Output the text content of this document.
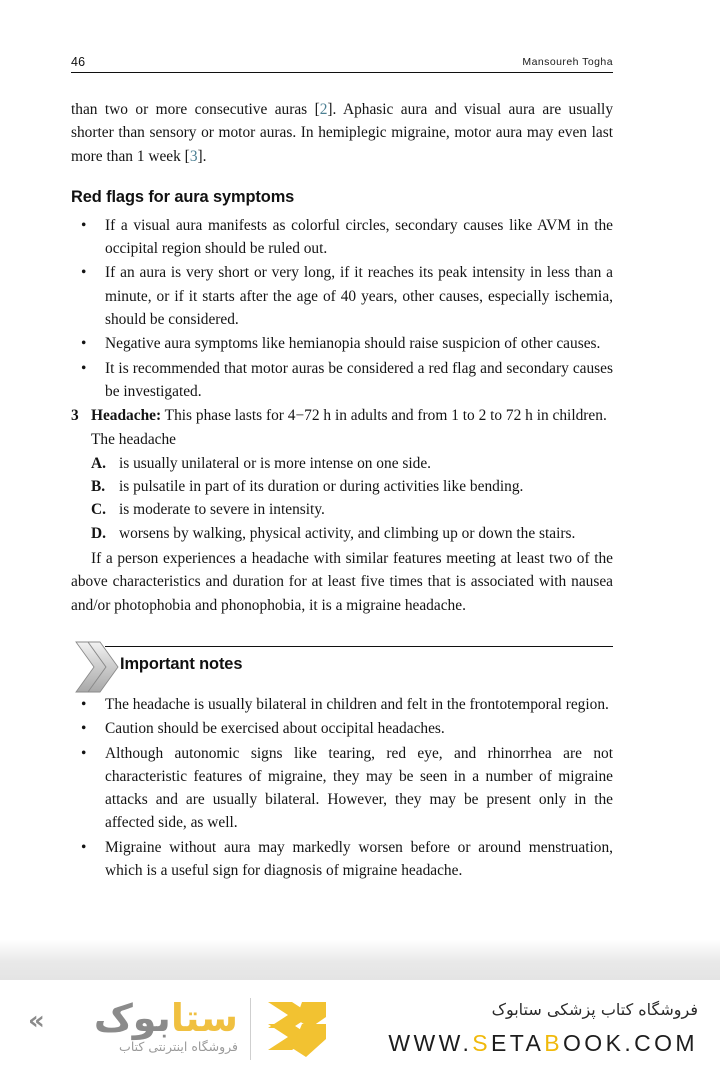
46	Mansoureh Togha

than two or more consecutive auras [2]. Aphasic aura and visual aura are usually shorter than sensory or motor auras. In hemiplegic migraine, motor aura may even last more than 1 week [3].

Red flags for aura symptoms
• If a visual aura manifests as colorful circles, secondary causes like AVM in the occipital region should be ruled out.
• If an aura is very short or very long, if it reaches its peak intensity in less than a minute, or if it starts after the age of 40 years, other causes, especially ischemia, should be considered.
• Negative aura symptoms like hemianopia should raise suspicion of other causes.
• It is recommended that motor auras be considered a red flag and secondary causes be investigated.
3 Headache: This phase lasts for 4−72 h in adults and from 1 to 2 to 72 h in children. The headache
A. is usually unilateral or is more intense on one side.
B. is pulsatile in part of its duration or during activities like bending.
C. is moderate to severe in intensity.
D. worsens by walking, physical activity, and climbing up or down the stairs.

If a person experiences a headache with similar features meeting at least two of the above characteristics and duration for at least five times that is associated with nausea and/or photophobia and phonophobia, it is a migraine headache.

Important notes
• The headache is usually bilateral in children and felt in the frontotemporal region.
• Caution should be exercised about occipital headaches.
• Although autonomic signs like tearing, red eye, and rhinorrhea are not characteristic features of migraine, they may be seen in a number of migraine attacks and are usually bilateral. However, they may be present only in the affected side, as well.
• Migraine without aura may markedly worsen before or around menstruation, which is a useful sign for diagnosis of migraine headache.
«	ستابوک
فروشگاه اینترنتی کتاب
فروشگاه کتاب پزشکی ستابوک
WWW.SETABOOK.COM
